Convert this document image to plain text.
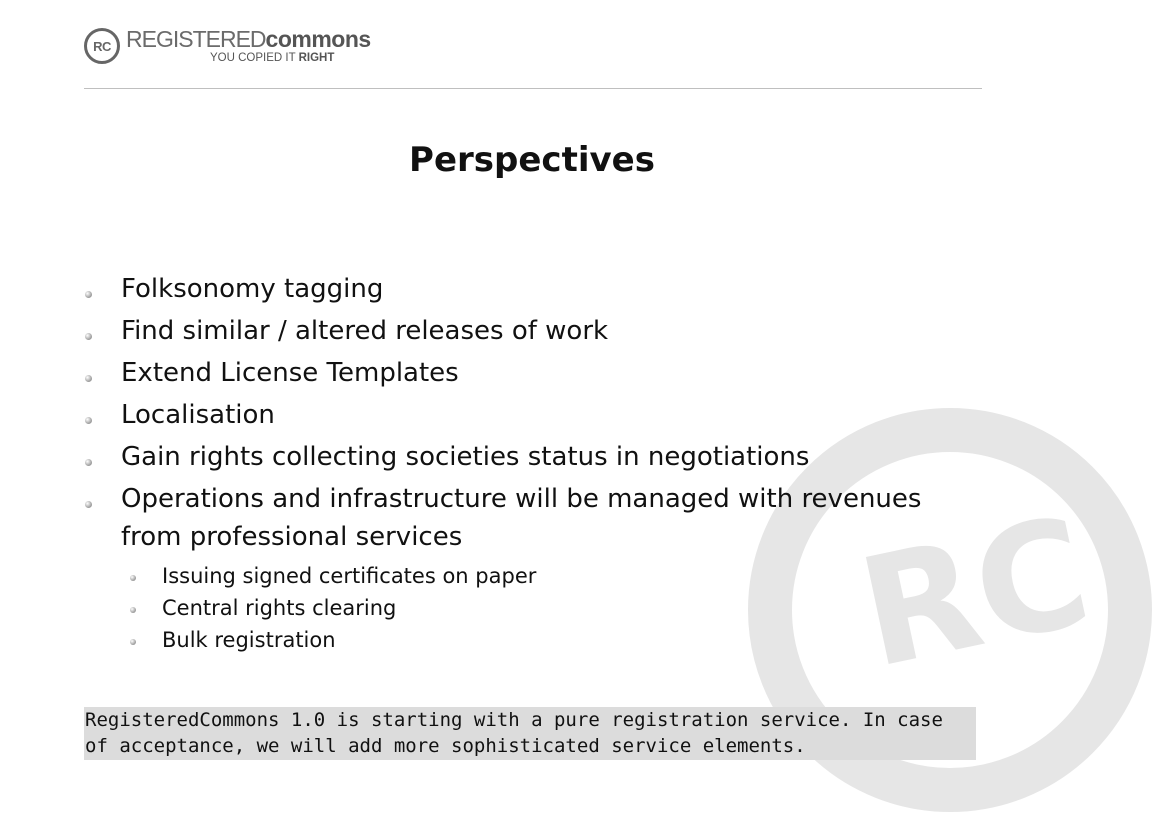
RC
RC REGISTEREDcommons
YOU COPIED IT RIGHT
Perspectives
Folksonomy tagging
Find similar / altered releases of work
Extend License Templates
Localisation
Gain rights collecting societies status in negotiations
Operations and infrastructure will be managed with revenues from professional services
Issuing signed certificates on paper
Central rights clearing
Bulk registration
RegisteredCommons 1.0 is starting with a pure registration service. In case of acceptance, we will add more sophisticated service elements.
